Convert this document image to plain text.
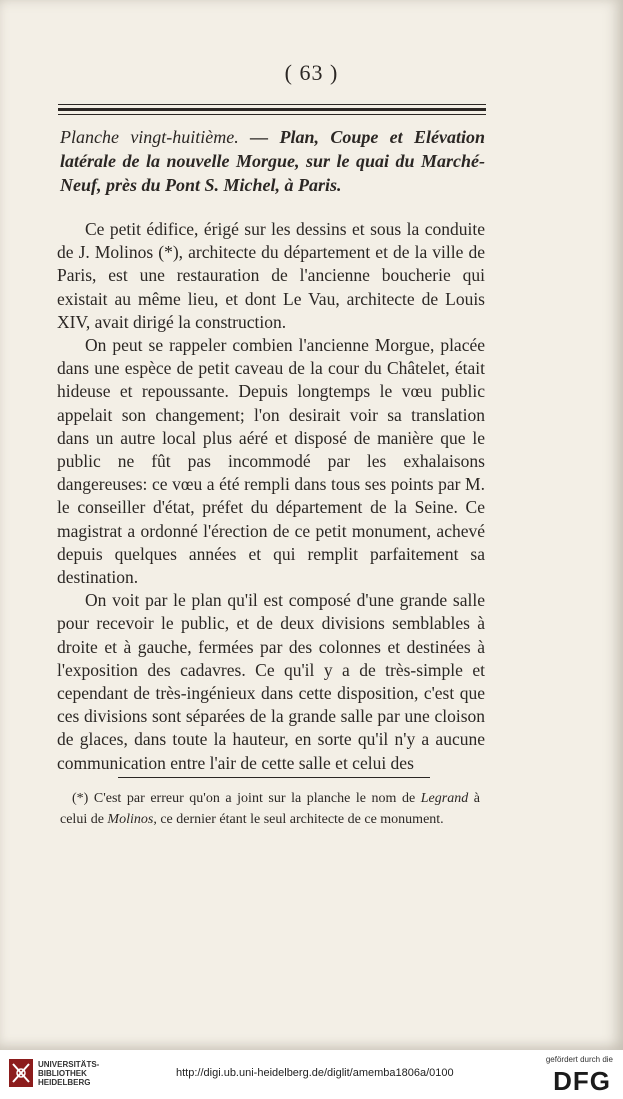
( 63 )
Planche vingt-huitième. — Plan, Coupe et Elévation latérale de la nouvelle Morgue, sur le quai du Marché-Neuf, près du Pont S. Michel, à Paris.

Ce petit édifice, érigé sur les dessins et sous la conduite de J. Molinos (*), architecte du département et de la ville de Paris, est une restauration de l'ancienne boucherie qui existait au même lieu, et dont Le Vau, architecte de Louis XIV, avait dirigé la construction.

On peut se rappeler combien l'ancienne Morgue, placée dans une espèce de petit caveau de la cour du Châtelet, était hideuse et repoussante. Depuis longtemps le vœu public appelait son changement; l'on desirait voir sa translation dans un autre local plus aéré et disposé de manière que le public ne fût pas incommodé par les exhalaisons dangereuses: ce vœu a été rempli dans tous ses points par M. le conseiller d'état, préfet du département de la Seine. Ce magistrat a ordonné l'érection de ce petit monument, achevé depuis quelques années et qui remplit parfaitement sa destination.

On voit par le plan qu'il est composé d'une grande salle pour recevoir le public, et de deux divisions semblables à droite et à gauche, fermées par des colonnes et destinées à l'exposition des cadavres. Ce qu'il y a de très-simple et cependant de très-ingénieux dans cette disposition, c'est que ces divisions sont séparées de la grande salle par une cloison de glaces, dans toute la hauteur, en sorte qu'il n'y a aucune communication entre l'air de cette salle et celui des

(*) C'est par erreur qu'on a joint sur la planche le nom de Legrand à celui de Molinos, ce dernier étant le seul architecte de ce monument.

UNIVERSITÄTS-
BIBLIOTHEK
HEIDELBERG
http://digi.ub.uni-heidelberg.de/diglit/amemba1806a/0100
gefördert durch die
DFG
